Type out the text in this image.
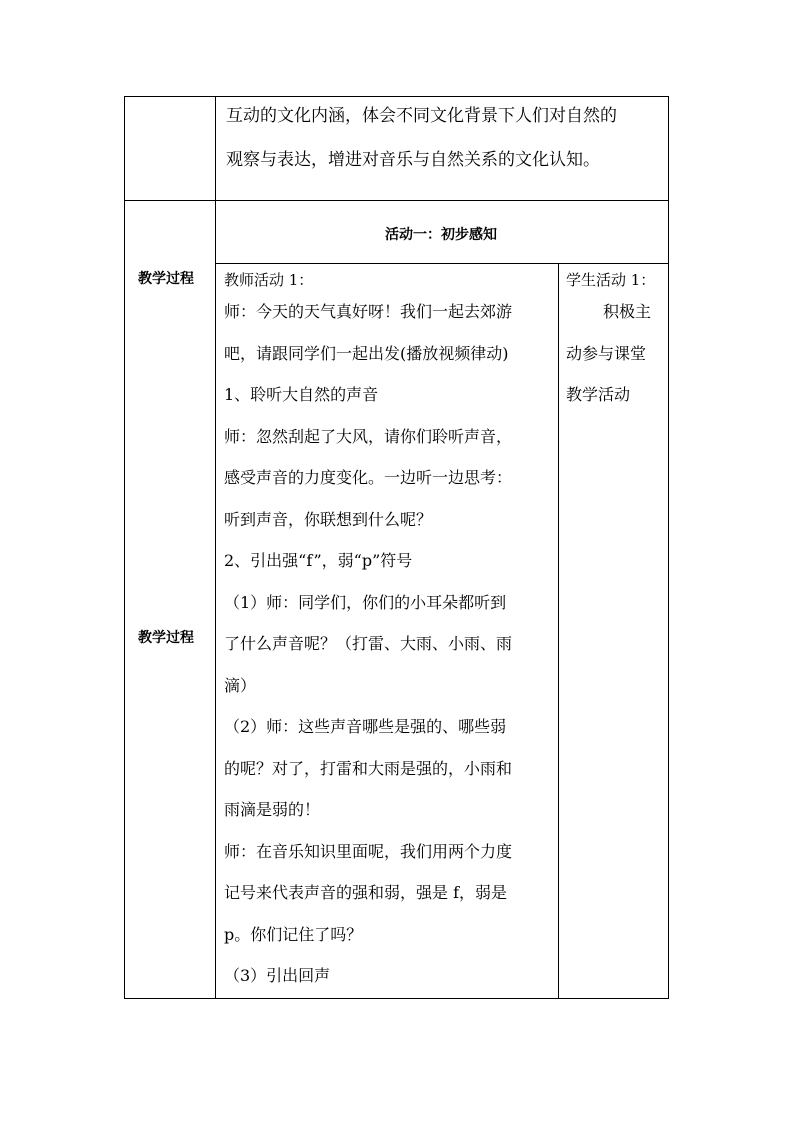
互动的文化内涵，体会不同文化背景下人们对自然的
观察与表达，增进对音乐与自然关系的文化认知。
教学过程
教学过程
活动一：初步感知
教师活动 1：
师：今天的天气真好呀！我们一起去郊游
吧，请跟同学们一起出发(播放视频律动)
1、聆听大自然的声音
师：忽然刮起了大风，请你们聆听声音，
感受声音的力度变化。一边听一边思考：
听到声音，你联想到什么呢？
2、引出强“f”，弱“p”符号
（1）师：同学们，你们的小耳朵都听到
了什么声音呢？（打雷、大雨、小雨、雨
滴）
（2）师：这些声音哪些是强的、哪些弱
的呢？对了，打雷和大雨是强的，小雨和
雨滴是弱的！
师：在音乐知识里面呢，我们用两个力度
记号来代表声音的强和弱，强是 f，弱是
p。你们记住了吗？
（3）引出回声
学生活动 1：
积极主
动参与课堂
教学活动
